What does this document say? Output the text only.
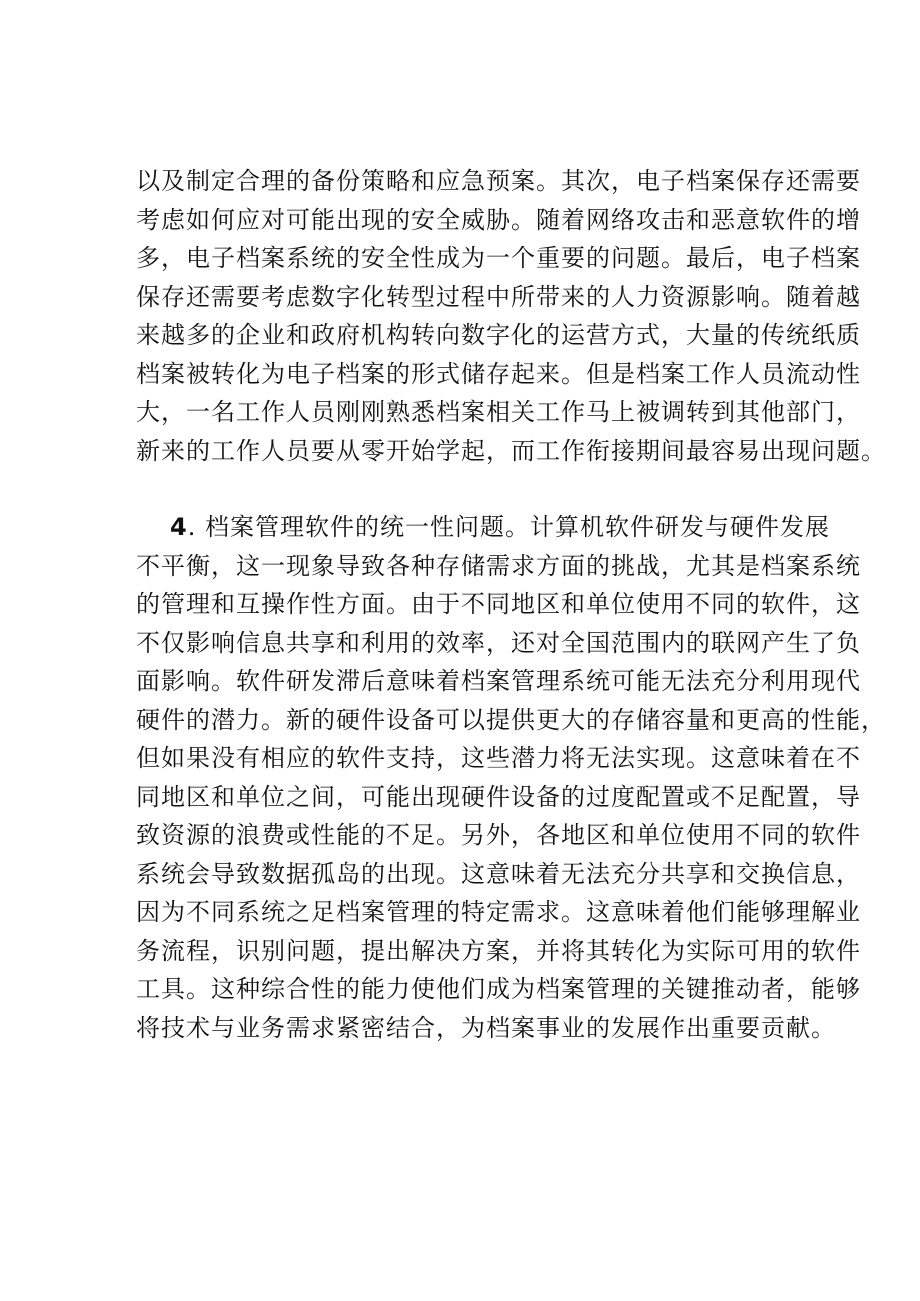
以及制定合理的备份策略和应急预案。其次，电子档案保存还需要
考虑如何应对可能出现的安全威胁。随着网络攻击和恶意软件的增
多，电子档案系统的安全性成为一个重要的问题。最后，电子档案
保存还需要考虑数字化转型过程中所带来的人力资源影响。随着越
来越多的企业和政府机构转向数字化的运营方式，大量的传统纸质
档案被转化为电子档案的形式储存起来。但是档案工作人员流动性
大，一名工作人员刚刚熟悉档案相关工作马上被调转到其他部门，
新来的工作人员要从零开始学起，而工作衔接期间最容易出现问题。
4. 档案管理软件的统一性问题。计算机软件研发与硬件发展
不平衡，这一现象导致各种存储需求方面的挑战，尤其是档案系统
的管理和互操作性方面。由于不同地区和单位使用不同的软件，这
不仅影响信息共享和利用的效率，还对全国范围内的联网产生了负
面影响。软件研发滞后意味着档案管理系统可能无法充分利用现代
硬件的潜力。新的硬件设备可以提供更大的存储容量和更高的性能，
但如果没有相应的软件支持，这些潜力将无法实现。这意味着在不
同地区和单位之间，可能出现硬件设备的过度配置或不足配置，导
致资源的浪费或性能的不足。另外，各地区和单位使用不同的软件
系统会导致数据孤岛的出现。这意味着无法充分共享和交换信息，
因为不同系统之足档案管理的特定需求。这意味着他们能够理解业
务流程，识别问题，提出解决方案，并将其转化为实际可用的软件
工具。这种综合性的能力使他们成为档案管理的关键推动者，能够
将技术与业务需求紧密结合，为档案事业的发展作出重要贡献。
